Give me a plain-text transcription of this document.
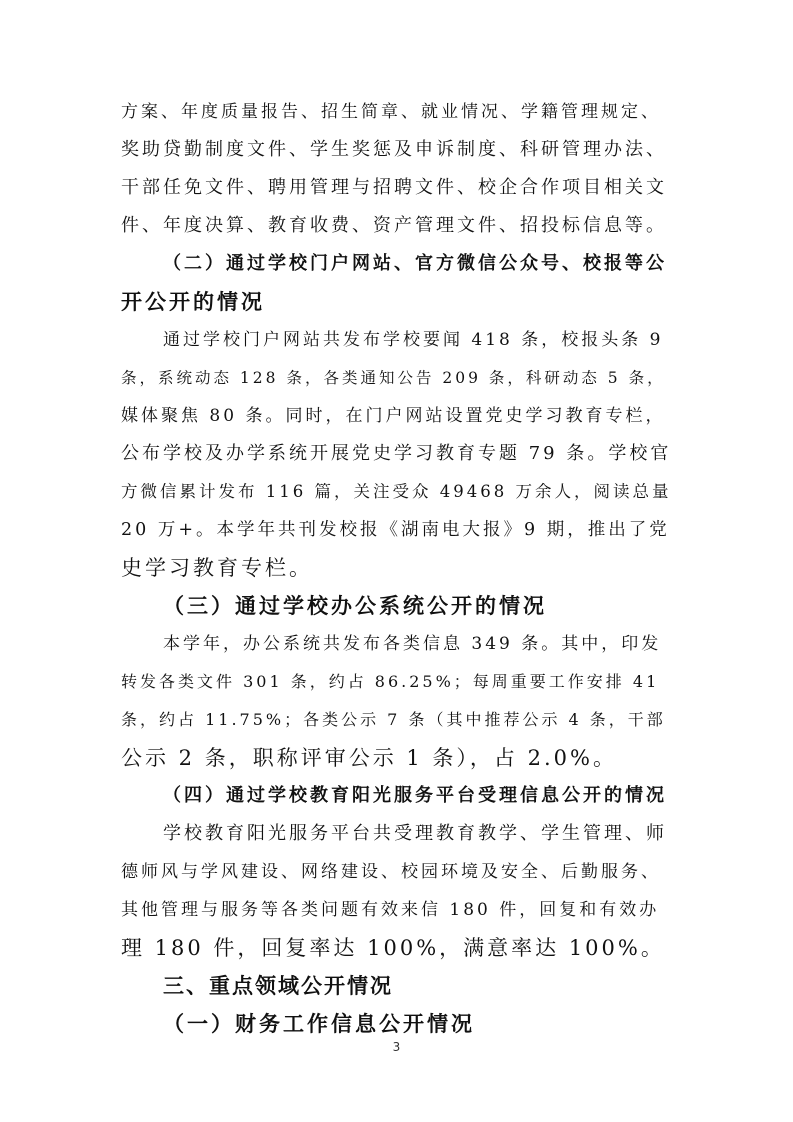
方案、年度质量报告、招生简章、就业情况、学籍管理规定、
奖助贷勤制度文件、学生奖惩及申诉制度、科研管理办法、
干部任免文件、聘用管理与招聘文件、校企合作项目相关文
件、年度决算、教育收费、资产管理文件、招投标信息等。
（二）通过学校门户网站、官方微信公众号、校报等公
开公开的情况
通过学校门户网站共发布学校要闻 418 条，校报头条 9
条，系统动态 128 条，各类通知公告 209 条，科研动态 5 条，
媒体聚焦 80 条。同时，在门户网站设置党史学习教育专栏，
公布学校及办学系统开展党史学习教育专题 79 条。学校官
方微信累计发布 116 篇，关注受众 49468 万余人，阅读总量
20 万+。本学年共刊发校报《湖南电大报》9 期，推出了党
史学习教育专栏。
（三）通过学校办公系统公开的情况
本学年，办公系统共发布各类信息 349 条。其中，印发
转发各类文件 301 条，约占 86.25%；每周重要工作安排 41
条，约占 11.75%；各类公示 7 条（其中推荐公示 4 条，干部
公示 2 条，职称评审公示 1 条），占 2.0%。
（四）通过学校教育阳光服务平台受理信息公开的情况
学校教育阳光服务平台共受理教育教学、学生管理、师
德师风与学风建设、网络建设、校园环境及安全、后勤服务、
其他管理与服务等各类问题有效来信 180 件，回复和有效办
理 180 件，回复率达 100%，满意率达 100%。
三、重点领域公开情况
（一）财务工作信息公开情况
3
